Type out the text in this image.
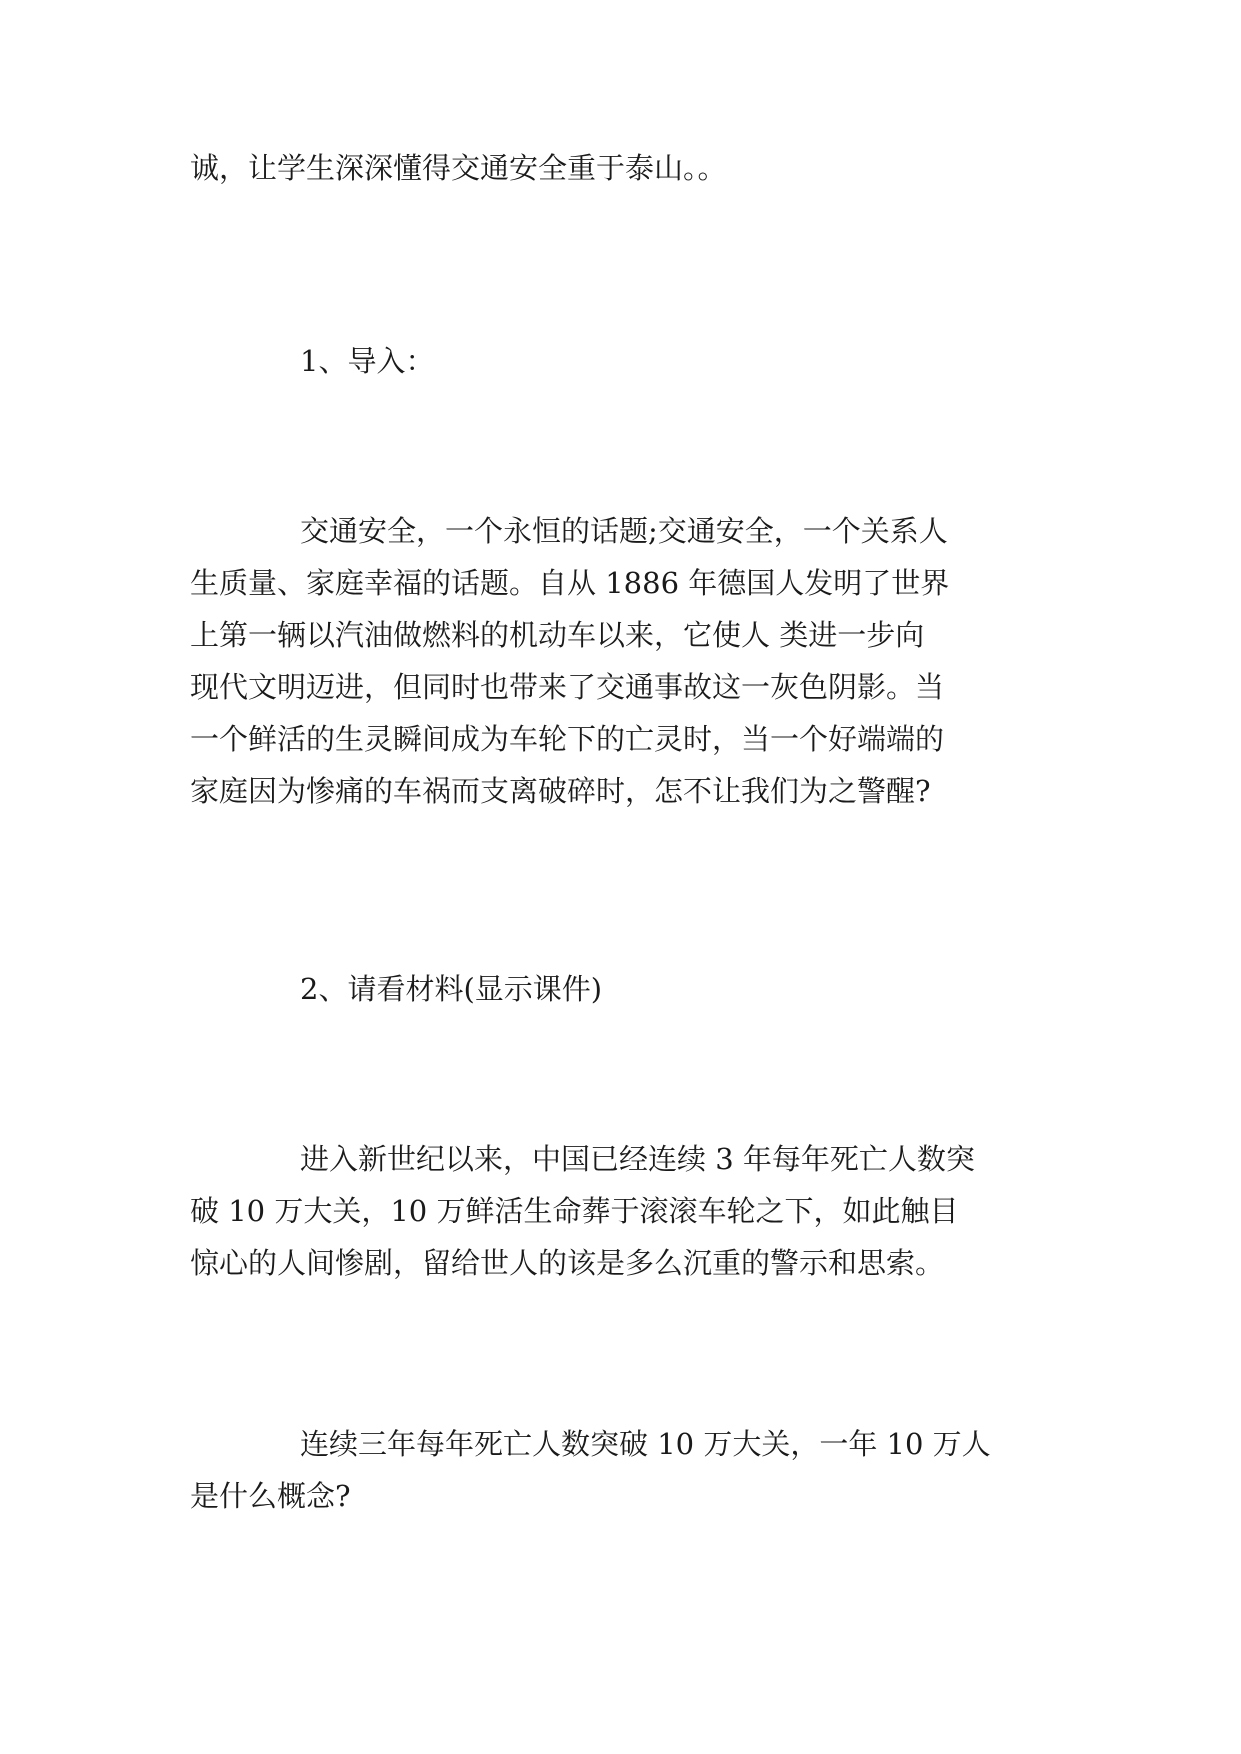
诚，让学生深深懂得交通安全重于泰山。。

1、导入：

交通安全，一个永恒的话题;交通安全，一个关系人
生质量、家庭幸福的话题。自从 1886 年德国人发明了世界
上第一辆以汽油做燃料的机动车以来，它使人 类进一步向
现代文明迈进，但同时也带来了交通事故这一灰色阴影。当
一个鲜活的生灵瞬间成为车轮下的亡灵时，当一个好端端的
家庭因为惨痛的车祸而支离破碎时，怎不让我们为之警醒?

2、请看材料(显示课件)

进入新世纪以来，中国已经连续 3 年每年死亡人数突
破 10 万大关，10 万鲜活生命葬于滚滚车轮之下，如此触目
惊心的人间惨剧，留给世人的该是多么沉重的警示和思索。

连续三年每年死亡人数突破 10 万大关，一年 10 万人
是什么概念?
